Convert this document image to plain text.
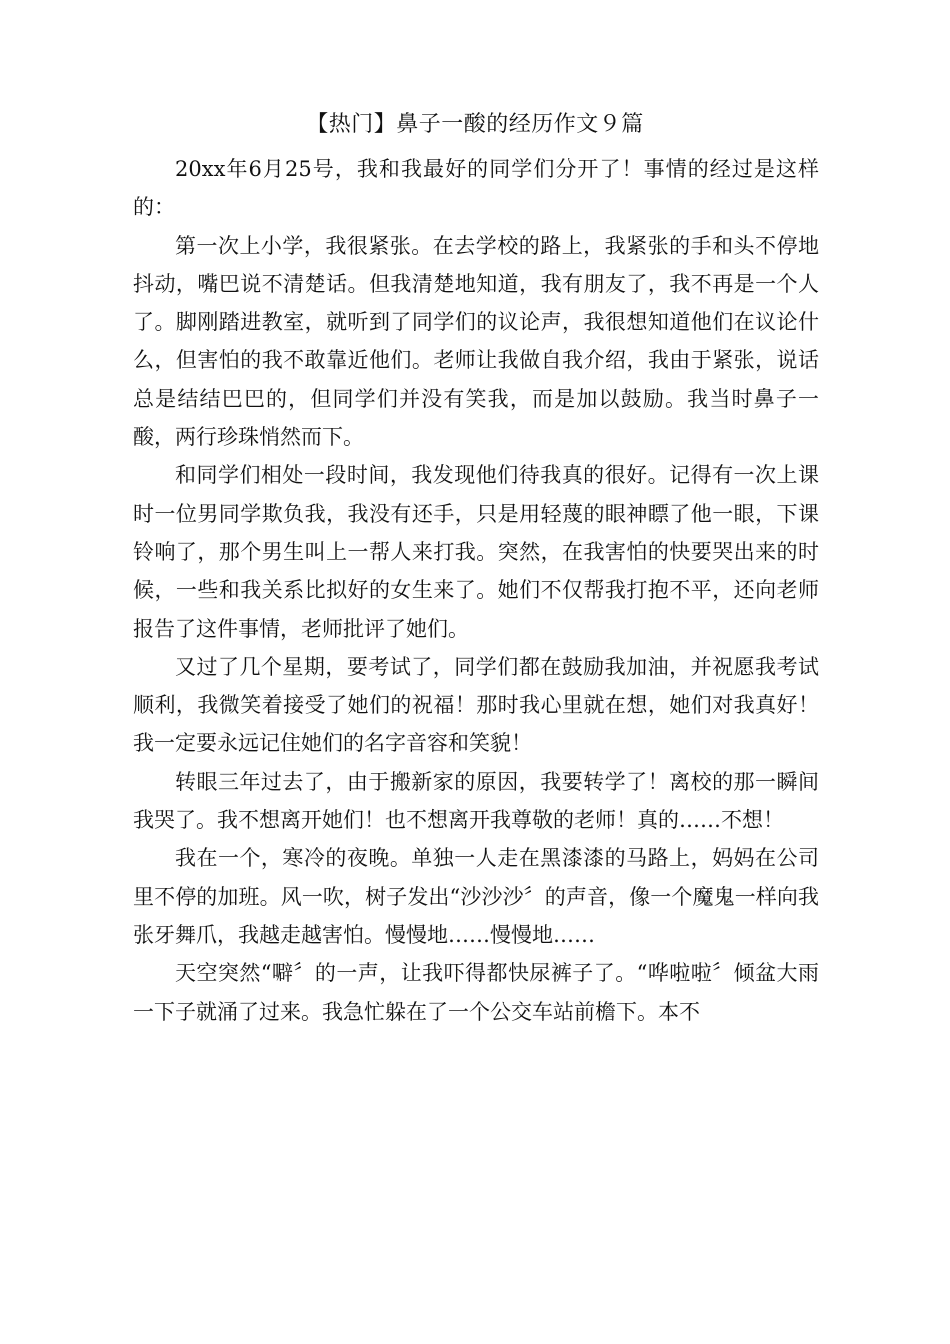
【热门】鼻子一酸的经历作文９篇

20xx年6月25号，我和我最好的同学们分开了！事情的经过是这样的：

第一次上小学，我很紧张。在去学校的路上，我紧张的手和头不停地抖动，嘴巴说不清楚话。但我清楚地知道，我有朋友了，我不再是一个人了。脚刚踏进教室，就听到了同学们的议论声，我很想知道他们在议论什么，但害怕的我不敢靠近他们。老师让我做自我介绍，我由于紧张，说话总是结结巴巴的，但同学们并没有笑我，而是加以鼓励。我当时鼻子一酸，两行珍珠悄然而下。

和同学们相处一段时间，我发现他们待我真的很好。记得有一次上课时一位男同学欺负我，我没有还手，只是用轻蔑的眼神瞟了他一眼，下课铃响了，那个男生叫上一帮人来打我。突然，在我害怕的快要哭出来的时候，一些和我关系比拟好的女生来了。她们不仅帮我打抱不平，还向老师报告了这件事情，老师批评了她们。

又过了几个星期，要考试了，同学们都在鼓励我加油，并祝愿我考试顺利，我微笑着接受了她们的祝福！那时我心里就在想，她们对我真好！我一定要永远记住她们的名字音容和笑貌！

转眼三年过去了，由于搬新家的原因，我要转学了！离校的那一瞬间我哭了。我不想离开她们！也不想离开我尊敬的老师！真的……不想！

我在一个，寒冷的夜晚。单独一人走在黑漆漆的马路上，妈妈在公司里不停的加班。风一吹，树子发出“沙沙沙〞的声音，像一个魔鬼一样向我张牙舞爪，我越走越害怕。慢慢地……慢慢地……

天空突然“噼〞的一声，让我吓得都快尿裤子了。“哗啦啦〞倾盆大雨一下子就涌了过来。我急忙躲在了一个公交车站前檐下。本不
